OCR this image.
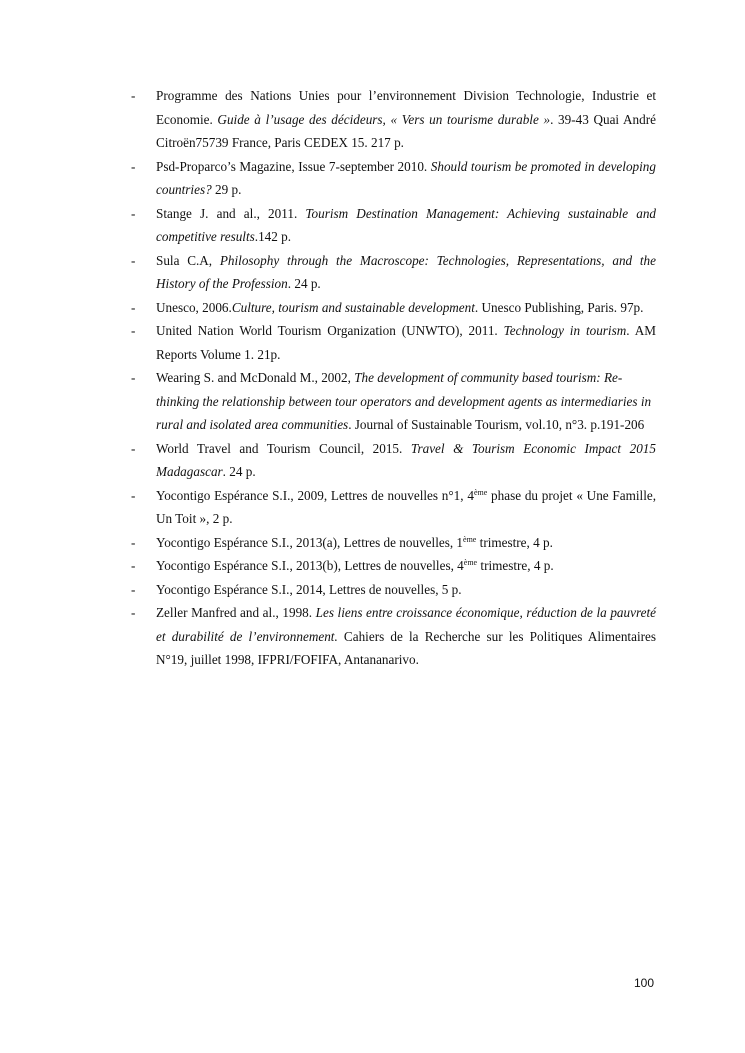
- Programme des Nations Unies pour l’environnement Division Technologie, Industrie et Economie. Guide à l’usage des décideurs, « Vers un tourisme durable ». 39-43 Quai André Citroën75739 France, Paris CEDEX 15. 217 p.
- Psd-Proparco’s Magazine, Issue 7-september 2010. Should tourism be promoted in developing countries? 29 p.
- Stange J. and al., 2011. Tourism Destination Management: Achieving sustainable and competitive results.142 p.
- Sula C.A, Philosophy through the Macroscope: Technologies, Representations, and the History of the Profession. 24 p.
- Unesco, 2006.Culture, tourism and sustainable development. Unesco Publishing, Paris. 97p.
- United Nation World Tourism Organization (UNWTO), 2011. Technology in tourism. AM Reports Volume 1. 21p.
- Wearing S. and McDonald M., 2002, The development of community based tourism: Re-thinking the relationship between tour operators and development agents as intermediaries in rural and isolated area communities. Journal of Sustainable Tourism, vol.10, n°3. p.191-206
- World Travel and Tourism Council, 2015. Travel & Tourism Economic Impact 2015 Madagascar. 24 p.
- Yocontigo Espérance S.I., 2009, Lettres de nouvelles n°1, 4ème phase du projet « Une Famille, Un Toit », 2 p.
- Yocontigo Espérance S.I., 2013(a), Lettres de nouvelles, 1ème trimestre, 4 p.
- Yocontigo Espérance S.I., 2013(b), Lettres de nouvelles, 4ème trimestre, 4 p.
- Yocontigo Espérance S.I., 2014, Lettres de nouvelles, 5 p.
- Zeller Manfred and al., 1998. Les liens entre croissance économique, réduction de la pauvreté et durabilité de l’environnement. Cahiers de la Recherche sur les Politiques Alimentaires N°19, juillet 1998, IFPRI/FOFIFA, Antananarivo.
100
